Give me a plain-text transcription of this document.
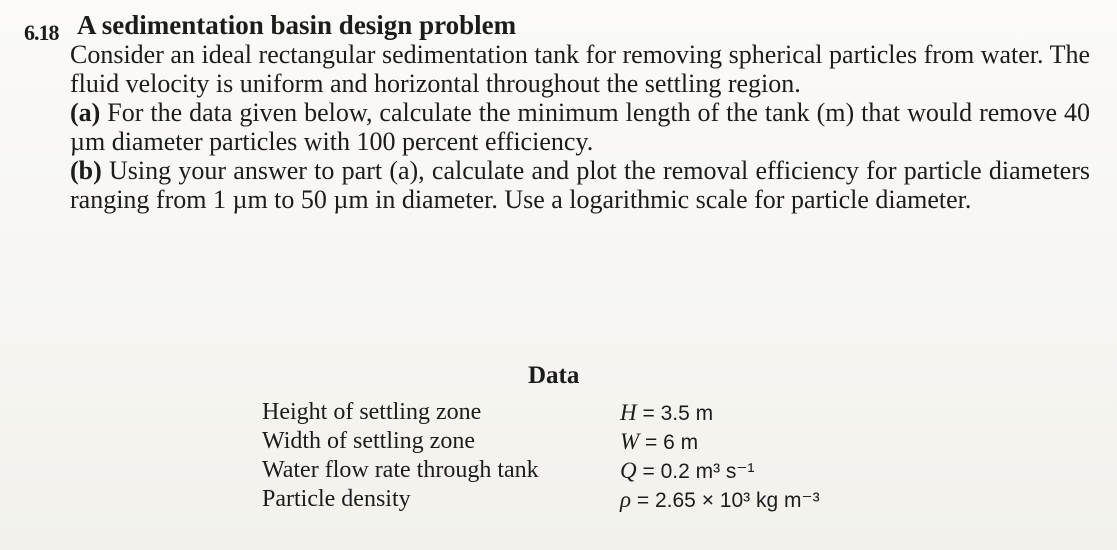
6.18 A sedimentation basin design problem

Consider an ideal rectangular sedimentation tank for removing spherical particles from water. The fluid velocity is uniform and horizontal throughout the settling region.

(a) For the data given below, calculate the minimum length of the tank (m) that would remove 40 µm diameter particles with 100 percent efficiency.

(b) Using your answer to part (a), calculate and plot the removal efficiency for particle diameters ranging from 1 µm to 50 µm in diameter. Use a logarithmic scale for particle diameter.

Data
Height of settling zone	H = 3.5 m
Width of settling zone	W = 6 m
Water flow rate through tank	Q = 0.2 m³ s⁻¹
Particle density	ρ = 2.65 × 10³ kg m⁻³
